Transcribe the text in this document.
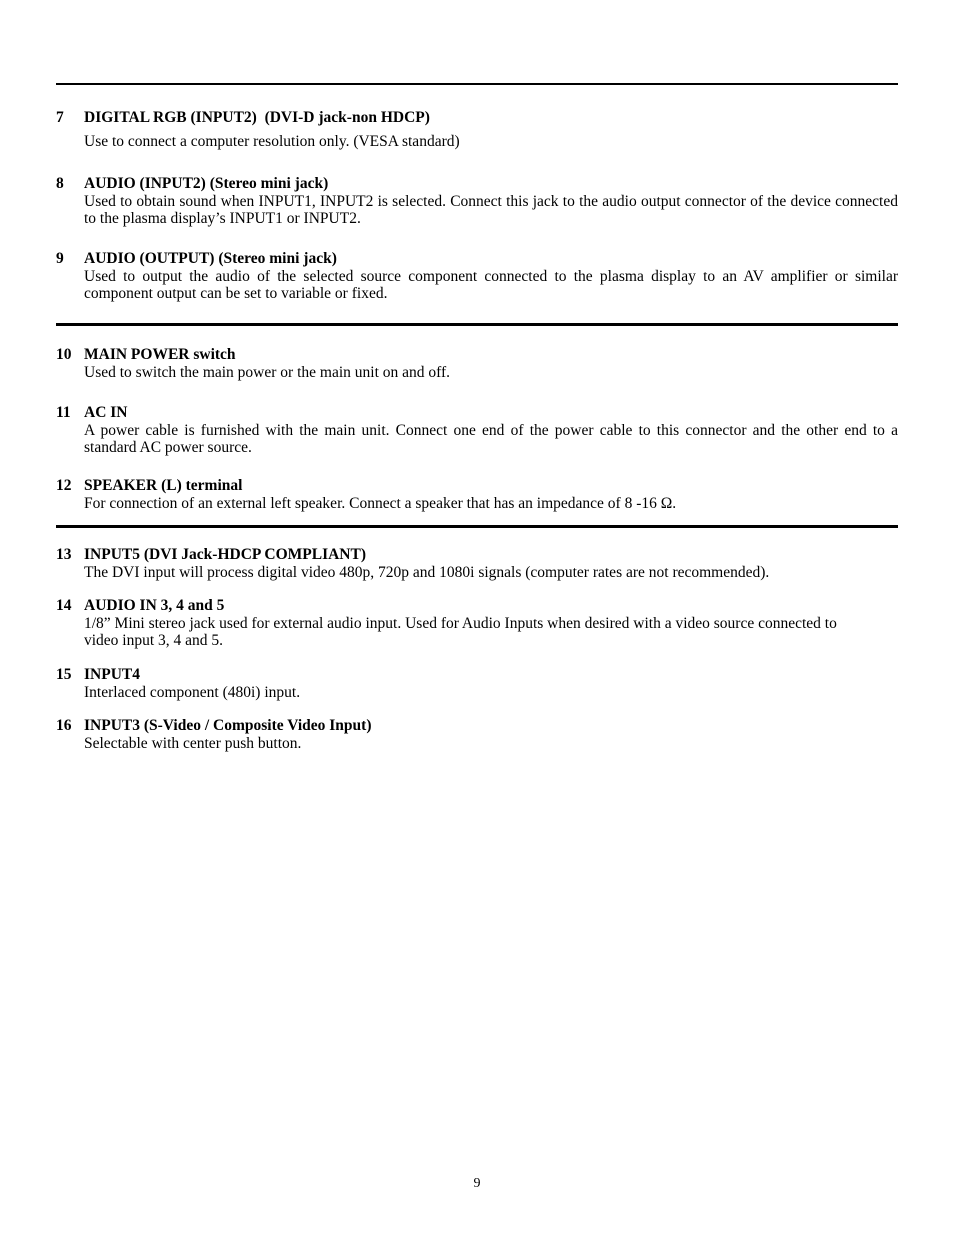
7	DIGITAL RGB (INPUT2)  (DVI-D jack-non HDCP)
Use to connect a computer resolution only. (VESA standard)
8	AUDIO (INPUT2) (Stereo mini jack)
Used to obtain sound when INPUT1, INPUT2 is selected. Connect this jack to the audio output connector of the device connected to the plasma display’s INPUT1 or INPUT2.
9	AUDIO (OUTPUT) (Stereo mini jack)
Used to output the audio of the selected source component connected to the plasma display to an AV amplifier or similar component output can be set to variable or fixed.
10 MAIN POWER switch
Used to switch the main power or the main unit on and off.
11 AC IN
A power cable is furnished with the main unit. Connect one end of the power cable to this connector and the other end to a standard AC power source.
12 SPEAKER (L) terminal
For connection of an external left speaker. Connect a speaker that has an impedance of 8 -16 Ω.
13 INPUT5 (DVI Jack-HDCP COMPLIANT)
The DVI input will process digital video 480p, 720p and 1080i signals (computer rates are not recommended).
14 AUDIO IN 3, 4 and 5
1/8” Mini stereo jack used for external audio input. Used for Audio Inputs when desired with a video source connected to video input 3, 4 and 5.
15 INPUT4
Interlaced component (480i) input.
16 INPUT3 (S-Video / Composite Video Input)
Selectable with center push button.
9
